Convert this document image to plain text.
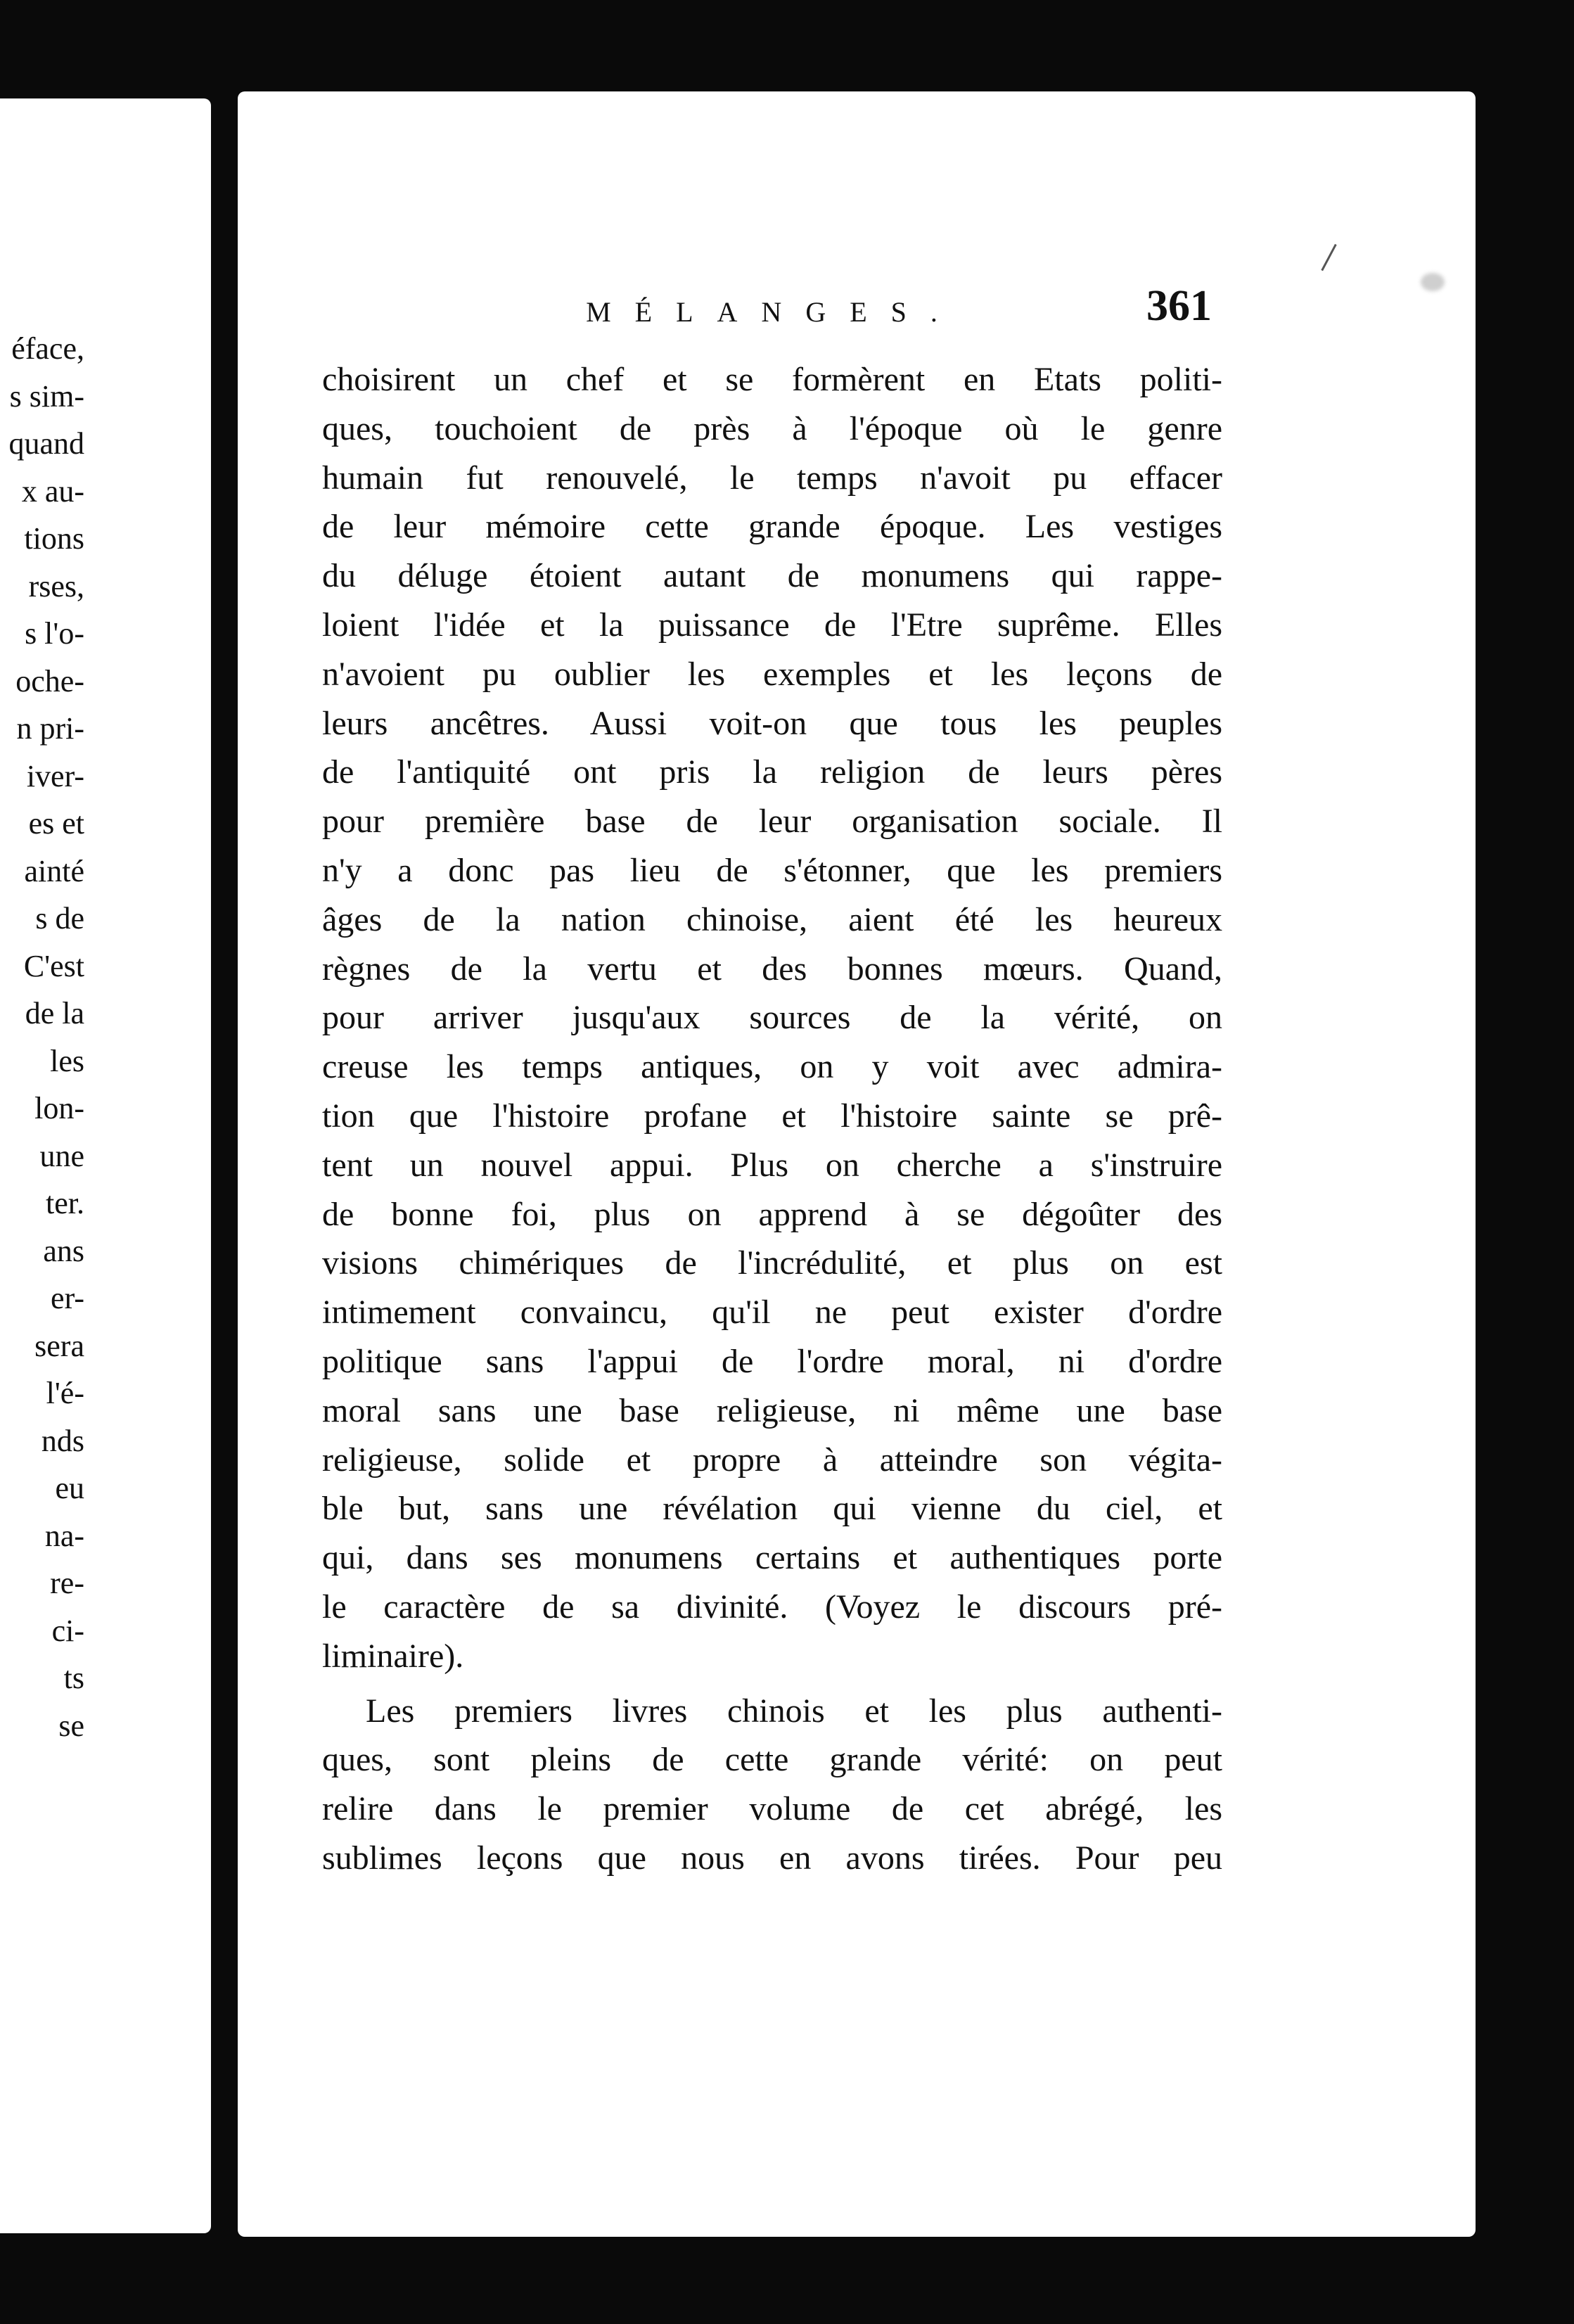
éface,
s sim-
quand
x au-
tions
rses,
s l'o-
oche-
n pri-
iver-
es et
ainté
s de
C'est
de la
les
lon-
une
ter.
ans
er-
sera
l'é-
nds
eu
na-
re-
ci-
ts
se
MÉLANGES.	361
choisirent un chef et se formèrent en Etats politi-
ques, touchoient de près à l'époque où le genre
humain fut renouvelé, le temps n'avoit pu effacer
de leur mémoire cette grande époque. Les vestiges
du déluge étoient autant de monumens qui rappe-
loient l'idée et la puissance de l'Etre suprême. Elles
n'avoient pu oublier les exemples et les leçons de
leurs ancêtres. Aussi voit-on que tous les peuples
de l'antiquité ont pris la religion de leurs pères
pour première base de leur organisation sociale. Il
n'y a donc pas lieu de s'étonner, que les premiers
âges de la nation chinoise, aient été les heureux
règnes de la vertu et des bonnes mœurs. Quand,
pour arriver jusqu'aux sources de la vérité, on
creuse les temps antiques, on y voit avec admira-
tion que l'histoire profane et l'histoire sainte se prê-
tent un nouvel appui. Plus on cherche a s'instruire
de bonne foi, plus on apprend à se dégoûter des
visions chimériques de l'incrédulité, et plus on est
intimement convaincu, qu'il ne peut exister d'ordre
politique sans l'appui de l'ordre moral, ni d'ordre
moral sans une base religieuse, ni même une base
religieuse, solide et propre à atteindre son végita-
ble but, sans une révélation qui vienne du ciel, et
qui, dans ses monumens certains et authentiques porte
le caractère de sa divinité. (Voyez le discours pré-
liminaire).
Les premiers livres chinois et les plus authenti-
ques, sont pleins de cette grande vérité: on peut
relire dans le premier volume de cet abrégé, les
sublimes leçons que nous en avons tirées. Pour peu
